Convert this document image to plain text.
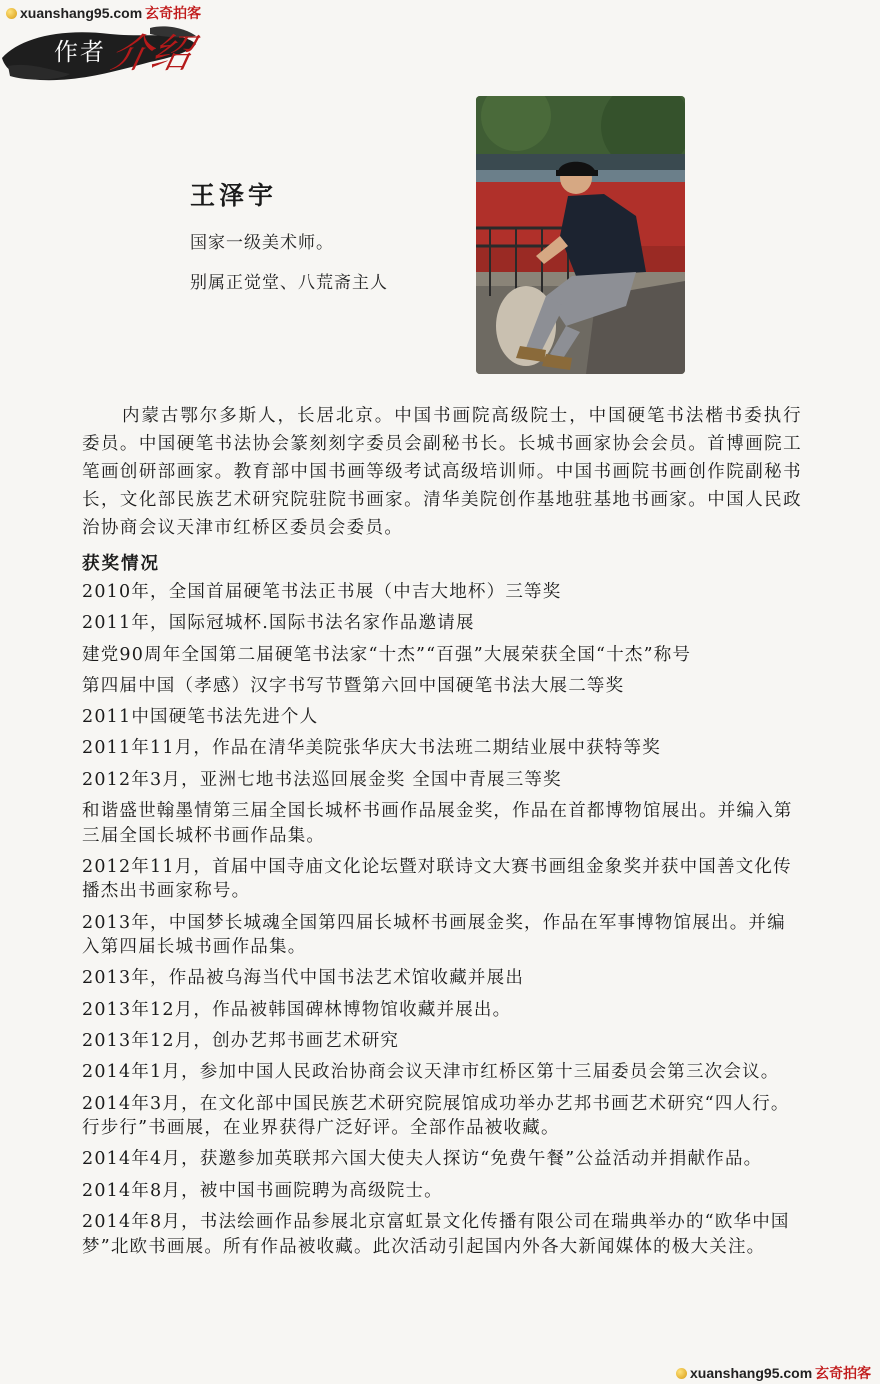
xuanshang95.com 玄奇拍客
作者 介绍
王泽宇
国家一级美术师。
别属正觉堂、八荒斋主人
内蒙古鄂尔多斯人，长居北京。中国书画院高级院士，中国硬笔书法楷书委执行委员。中国硬笔书法协会篆刻刻字委员会副秘书长。长城书画家协会会员。首博画院工笔画创研部画家。教育部中国书画等级考试高级培训师。中国书画院书画创作院副秘书长，文化部民族艺术研究院驻院书画家。清华美院创作基地驻基地书画家。中国人民政治协商会议天津市红桥区委员会委员。
获奖情况
2010年，全国首届硬笔书法正书展（中吉大地杯）三等奖
2011年，国际冠城杯.国际书法名家作品邀请展
建党90周年全国第二届硬笔书法家“十杰”“百强”大展荣获全国“十杰”称号
第四届中国（孝感）汉字书写节暨第六回中国硬笔书法大展二等奖
2011中国硬笔书法先进个人
2011年11月，作品在清华美院张华庆大书法班二期结业展中获特等奖
2012年3月，亚洲七地书法巡回展金奖 全国中青展三等奖
和谐盛世翰墨情第三届全国长城杯书画作品展金奖，作品在首都博物馆展出。并编入第三届全国长城杯书画作品集。
2012年11月，首届中国寺庙文化论坛暨对联诗文大赛书画组金象奖并获中国善文化传播杰出书画家称号。
2013年，中国梦长城魂全国第四届长城杯书画展金奖，作品在军事博物馆展出。并编入第四届长城书画作品集。
2013年，作品被乌海当代中国书法艺术馆收藏并展出
2013年12月，作品被韩国碑林博物馆收藏并展出。
2013年12月，创办艺邦书画艺术研究
2014年1月，参加中国人民政治协商会议天津市红桥区第十三届委员会第三次会议。
2014年3月，在文化部中国民族艺术研究院展馆成功举办艺邦书画艺术研究“四人行。行步行”书画展，在业界获得广泛好评。全部作品被收藏。
2014年4月，获邀参加英联邦六国大使夫人探访“免费午餐”公益活动并捐献作品。
2014年8月，被中国书画院聘为高级院士。
2014年8月，书法绘画作品参展北京富虹景文化传播有限公司在瑞典举办的“欧华中国梦”北欧书画展。所有作品被收藏。此次活动引起国内外各大新闻媒体的极大关注。
xuanshang95.com 玄奇拍客
